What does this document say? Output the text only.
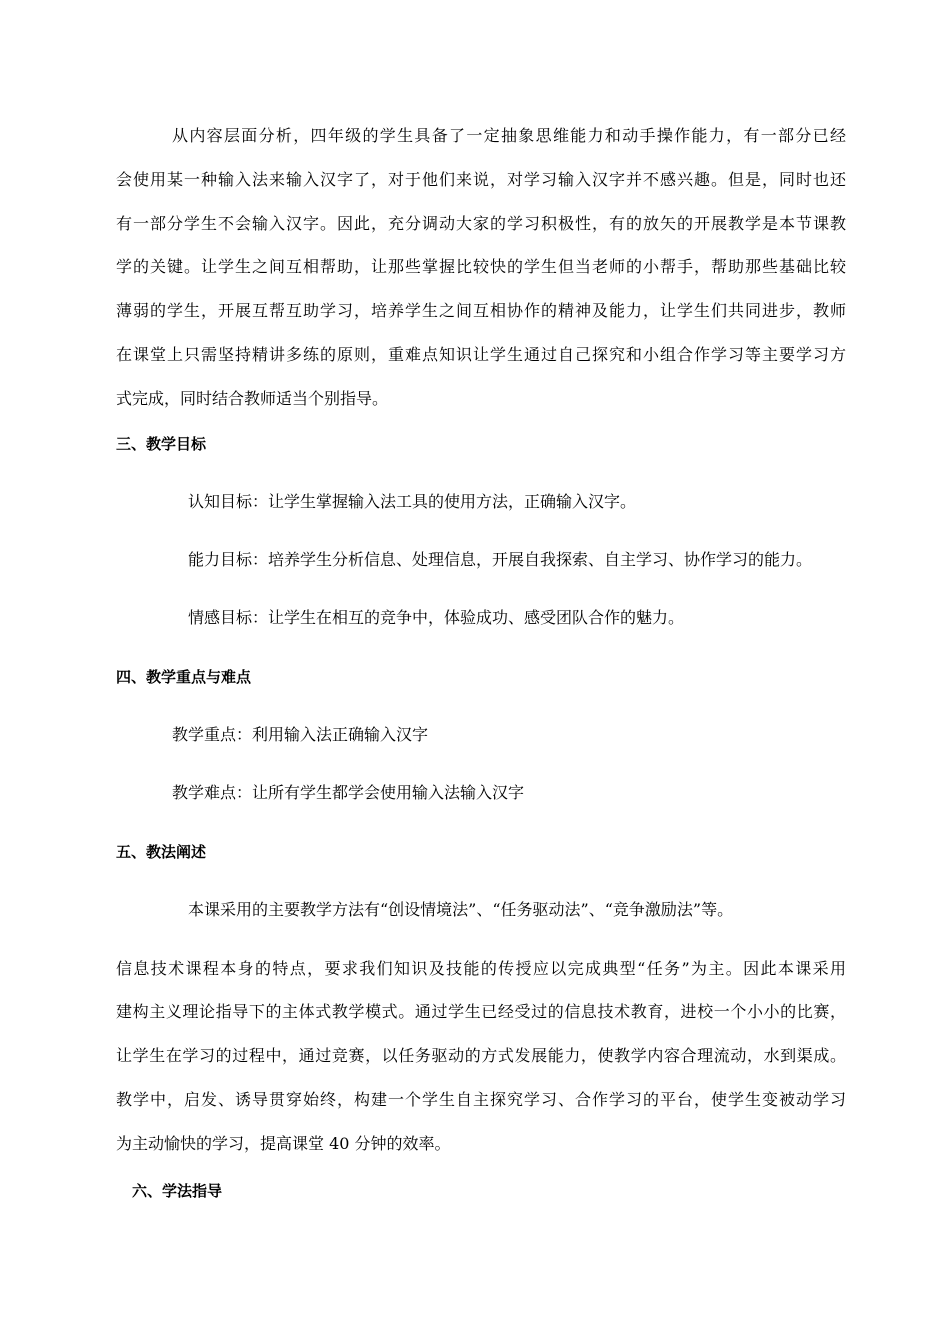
从内容层面分析，四年级的学生具备了一定抽象思维能力和动手操作能力，有一部分已经
会使用某一种输入法来输入汉字了，对于他们来说，对学习输入汉字并不感兴趣。但是，同时也还
有一部分学生不会输入汉字。因此，充分调动大家的学习积极性，有的放矢的开展教学是本节课教
学的关键。让学生之间互相帮助，让那些掌握比较快的学生但当老师的小帮手，帮助那些基础比较
薄弱的学生，开展互帮互助学习，培养学生之间互相协作的精神及能力，让学生们共同进步，教师
在课堂上只需坚持精讲多练的原则，重难点知识让学生通过自己探究和小组合作学习等主要学习方
式完成，同时结合教师适当个别指导。
三、教学目标
认知目标：让学生掌握输入法工具的使用方法，正确输入汉字。
能力目标：培养学生分析信息、处理信息，开展自我探索、自主学习、协作学习的能力。
情感目标：让学生在相互的竞争中，体验成功、感受团队合作的魅力。
四、教学重点与难点
教学重点：利用输入法正确输入汉字
教学难点：让所有学生都学会使用输入法输入汉字
五、教法阐述
本课采用的主要教学方法有“创设情境法”、“任务驱动法”、“竞争激励法”等。
信息技术课程本身的特点，要求我们知识及技能的传授应以完成典型“任务”为主。因此本课采用
建构主义理论指导下的主体式教学模式。通过学生已经受过的信息技术教育，进校一个小小的比赛，
让学生在学习的过程中，通过竞赛，以任务驱动的方式发展能力，使教学内容合理流动，水到渠成。
教学中，启发、诱导贯穿始终，构建一个学生自主探究学习、合作学习的平台，使学生变被动学习
为主动愉快的学习，提高课堂 40 分钟的效率。
六、学法指导
